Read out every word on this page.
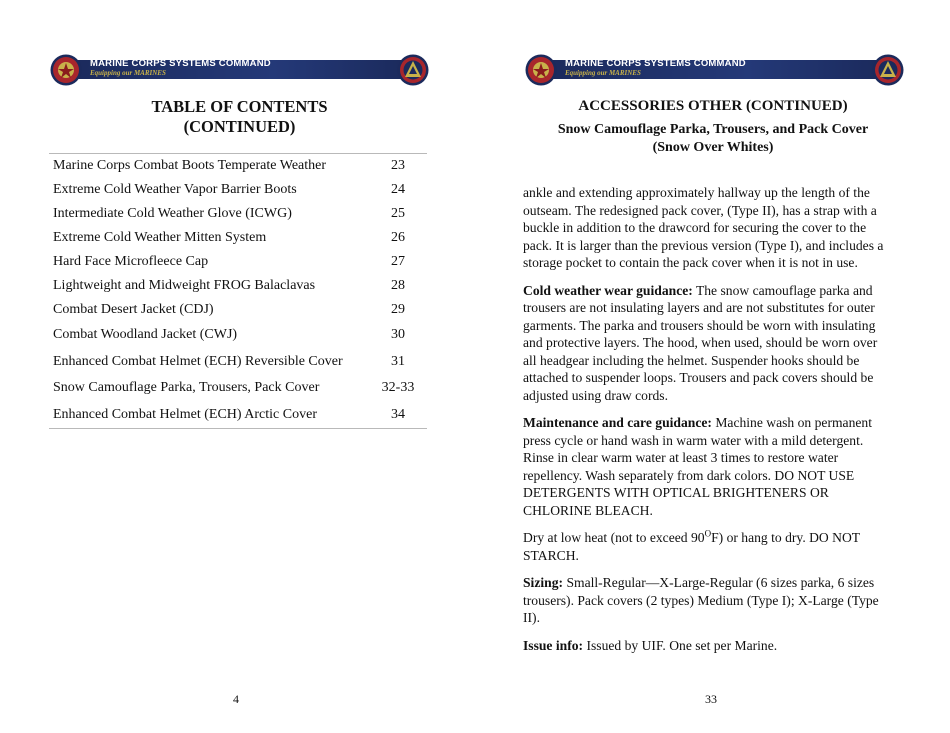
MARINE CORPS SYSTEMS COMMAND
Equipping our MARINES
TABLE OF CONTENTS
(CONTINUED)
Marine Corps Combat Boots Temperate Weather	23
Extreme Cold Weather Vapor Barrier Boots	24
Intermediate Cold Weather Glove (ICWG)	25
Extreme Cold Weather Mitten System	26
Hard Face Microfleece Cap	27
Lightweight and Midweight FROG Balaclavas	28
Combat Desert Jacket (CDJ)	29
Combat Woodland Jacket (CWJ)	30
Enhanced Combat Helmet (ECH) Reversible Cover	31
Snow Camouflage Parka, Trousers, Pack Cover	32-33
Enhanced Combat Helmet (ECH) Arctic Cover	34
4
MARINE CORPS SYSTEMS COMMAND
Equipping our MARINES
ACCESSORIES OTHER (CONTINUED)
Snow Camouflage Parka, Trousers, and Pack Cover
(Snow Over Whites)

ankle and extending approximately hallway up the length of the outseam. The redesigned pack cover, (Type II), has a strap with a buckle in addition to the drawcord for securing the cover to the pack. It is larger than the previous version (Type I), and includes a storage pocket to contain the pack cover when it is not in use.

Cold weather wear guidance: The snow camouflage parka and trousers are not insulating layers and are not substitutes for outer garments. The parka and trousers should be worn with insulating and protective layers. The hood, when used, should be worn over all headgear including the helmet. Suspender hooks should be attached to suspender loops. Trousers and pack covers should be adjusted using draw cords.

Maintenance and care guidance: Machine wash on permanent press cycle or hand wash in warm water with a mild detergent. Rinse in clear warm water at least 3 times to restore water repellency. Wash separately from dark colors. DO NOT USE DETERGENTS WITH OPTICAL BRIGHTENERS OR CHLORINE BLEACH.

Dry at low heat (not to exceed $90^OF$) or hang to dry. DO NOT STARCH.

Sizing: Small-Regular—X-Large-Regular (6 sizes parka, 6 sizes trousers). Pack covers (2 types) Medium (Type I); X-Large (Type II).

Issue info: Issued by UIF. One set per Marine.

33
